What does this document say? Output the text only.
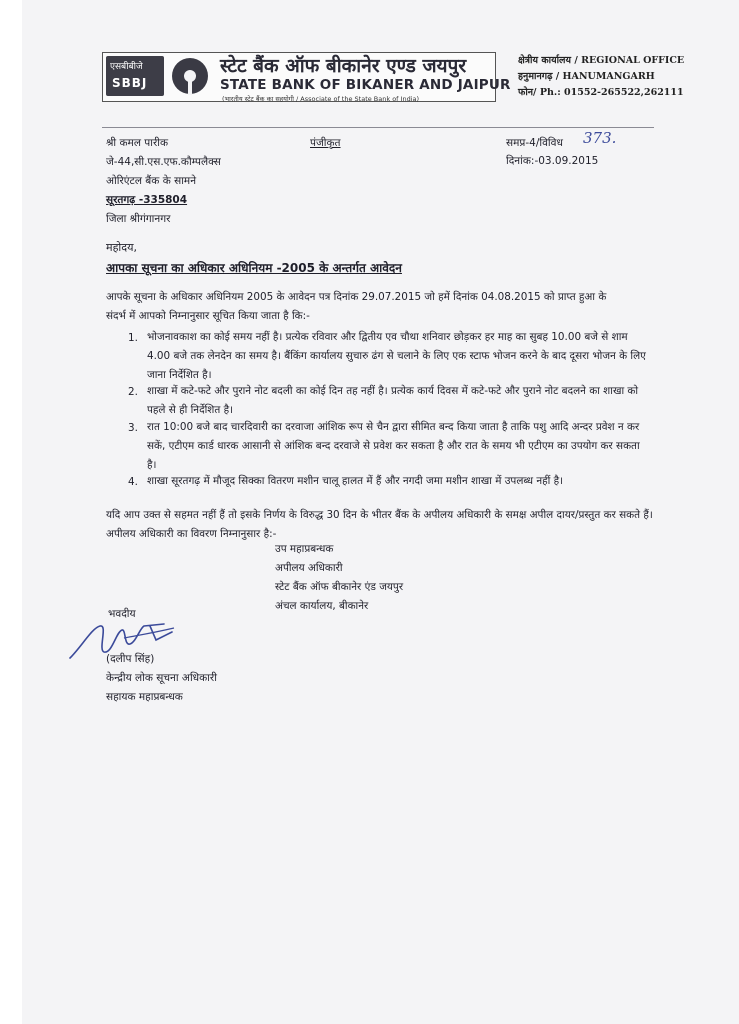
एसबीबीजे
SBBJ
स्टेट बैंक ऑफ बीकानेर एण्ड जयपुर
STATE BANK OF BIKANER AND JAIPUR
(भारतीय स्टेट बैंक का सहयोगी / Associate of the State Bank of India)
क्षेत्रीय कार्यालय / REGIONAL OFFICE
हनुमानगढ़ / HANUMANGARH
फोन/ Ph.: 01552-265522,262111
श्री कमल पारीक
जे-44,सी.एस.एफ.कौम्पलैक्स
ओरिएंटल बैंक के सामने
सूरतगढ़ -335804
जिला श्रीगंगानगर
पंजीकृत	समप्र-4/विविध 373.
दिनांक:-03.09.2015
महोदय,
आपका सूचना का अधिकार अधिनियम -2005 के अन्तर्गत आवेदन
आपके सूचना के अधिकार अधिनियम 2005 के आवेदन पत्र दिनांक 29.07.2015 जो हमें दिनांक 04.08.2015 को प्राप्त हुआ के
संदर्भ में आपको निम्नानुसार सूचित किया जाता है कि:-
1. भोजनावकाश का कोई समय नहीं है। प्रत्येक रविवार और द्वितीय एव चौथा शनिवार छोड़कर हर माह का सुबह 10.00 बजे से शाम
4.00 बजे तक लेनदेन का समय है। बैंकिंग कार्यालय सुचारु ढंग से चलाने के लिए एक स्टाफ भोजन करने के बाद दूसरा भोजन के लिए
जाना निर्देशित है।
2. शाखा में कटे-फटे और पुराने नोट बदली का कोई दिन तह नहीं है। प्रत्येक कार्य दिवस में कटे-फटे और पुराने नोट बदलने का शाखा को
पहले से ही निर्देशित है।
3. रात 10:00 बजे बाद चारदिवारी का दरवाजा आंशिक रूप से चैन द्वारा सीमित बन्द किया जाता है ताकि पशु आदि अन्दर प्रवेश न कर
सकें, एटीएम कार्ड धारक आसानी से आंशिक बन्द दरवाजे से प्रवेश कर सकता है और रात के समय भी एटीएम का उपयोग कर सकता
है।
4. शाखा सूरतगढ़ में मौजूद सिक्का वितरण मशीन चालू हालत में हैं और नगदी जमा मशीन शाखा में उपलब्ध नहीं है।
यदि आप उक्त से सहमत नहीं हैं तो इसके निर्णय के विरुद्ध 30 दिन के भीतर बैंक के अपीलय अधिकारी के समक्ष अपील दायर/प्रस्तुत कर सकते हैं।
अपीलय अधिकारी का विवरण निम्नानुसार है:-
उप महाप्रबन्धक
अपीलय अधिकारी
स्टेट बैंक ऑफ बीकानेर एंड जयपुर
अंचल कार्यालय, बीकानेर
भवदीय
(दलीप सिंह)
केन्द्रीय लोक सूचना अधिकारी
सहायक महाप्रबन्धक
